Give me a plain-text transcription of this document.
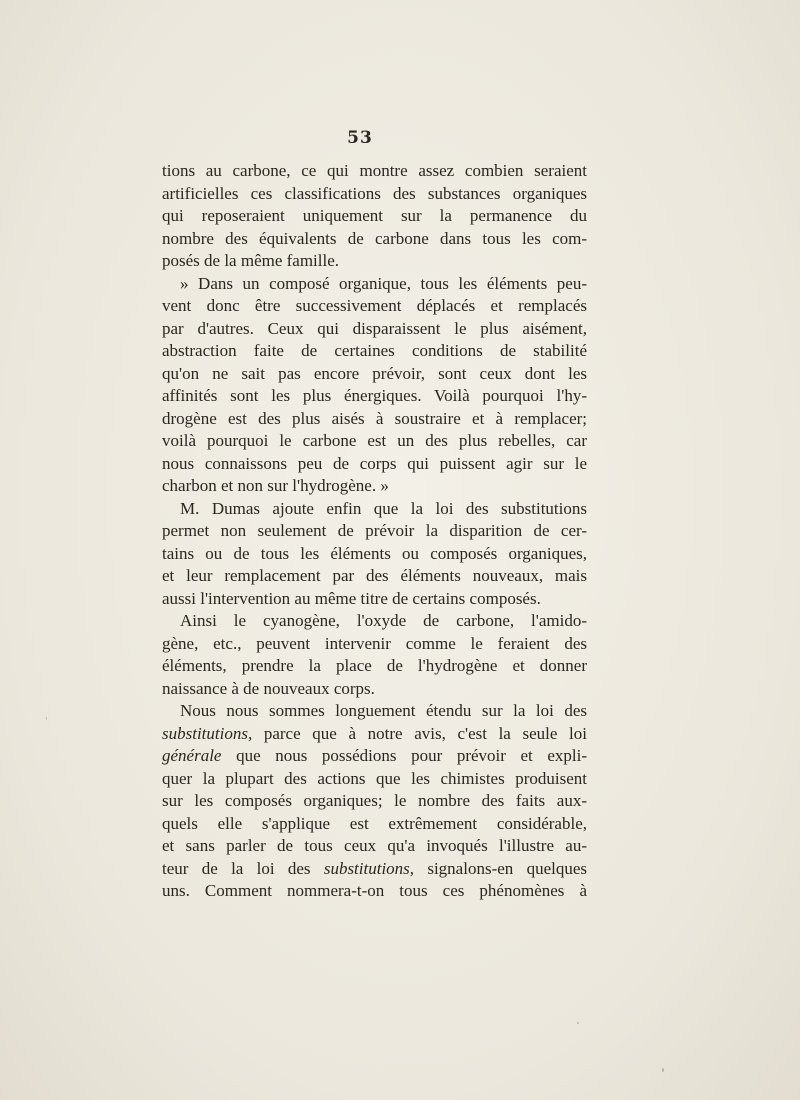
53
tions au carbone, ce qui montre assez combien seraient
artificielles ces classifications des substances organiques
qui reposeraient uniquement sur la permanence du
nombre des équivalents de carbone dans tous les com-
posés de la même famille.
» Dans un composé organique, tous les éléments peu-
vent donc être successivement déplacés et remplacés
par d'autres. Ceux qui disparaissent le plus aisément,
abstraction faite de certaines conditions de stabilité
qu'on ne sait pas encore prévoir, sont ceux dont les
affinités sont les plus énergiques. Voilà pourquoi l'hy-
drogène est des plus aisés à soustraire et à remplacer;
voilà pourquoi le carbone est un des plus rebelles, car
nous connaissons peu de corps qui puissent agir sur le
charbon et non sur l'hydrogène. »
M. Dumas ajoute enfin que la loi des substitutions
permet non seulement de prévoir la disparition de cer-
tains ou de tous les éléments ou composés organiques,
et leur remplacement par des éléments nouveaux, mais
aussi l'intervention au même titre de certains composés.
Ainsi le cyanogène, l'oxyde de carbone, l'amido-
gène, etc., peuvent intervenir comme le feraient des
éléments, prendre la place de l'hydrogène et donner
naissance à de nouveaux corps.
Nous nous sommes longuement étendu sur la loi des
substitutions, parce que à notre avis, c'est la seule loi
générale que nous possédions pour prévoir et expli-
quer la plupart des actions que les chimistes produisent
sur les composés organiques; le nombre des faits aux-
quels elle s'applique est extrêmement considérable,
et sans parler de tous ceux qu'a invoqués l'illustre au-
teur de la loi des substitutions, signalons-en quelques
uns. Comment nommera-t-on tous ces phénomènes à
